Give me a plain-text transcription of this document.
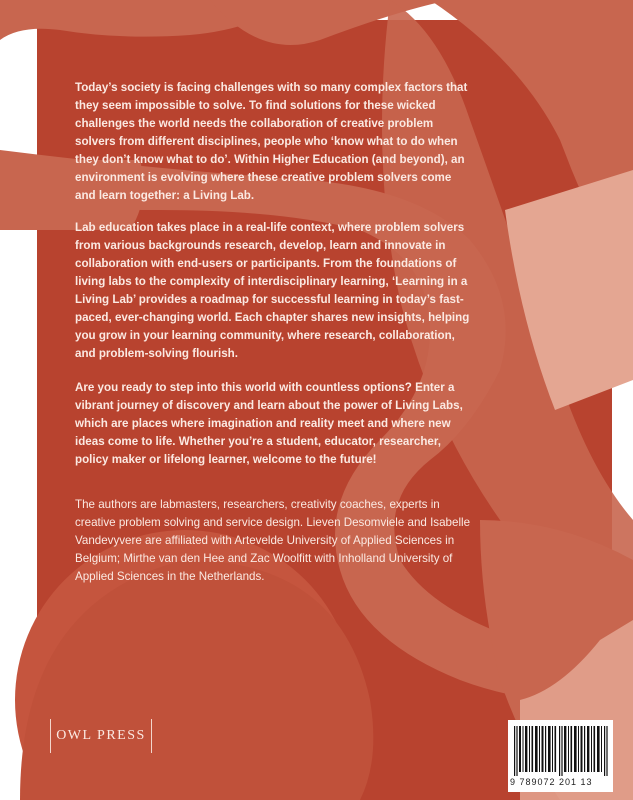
Today’s society is facing challenges with so many complex factors that they seem impossible to solve. To find solutions for these wicked challenges the world needs the collaboration of creative problem solvers from different disciplines, people who ‘know what to do when they don’t know what to do’. Within Higher Education (and beyond), an environment is evolving where these creative problem solvers come and learn together: a Living Lab.
Lab education takes place in a real-life context, where problem solvers from various backgrounds research, develop, learn and innovate in collaboration with end-users or participants. From the foundations of living labs to the complexity of interdisciplinary learning, ‘Learning in a Living Lab’ provides a roadmap for successful learning in today’s fast-paced, ever-changing world. Each chapter shares new insights, helping you grow in your learning community, where research, collaboration, and problem-solving flourish.
Are you ready to step into this world with countless options? Enter a vibrant journey of discovery and learn about the power of Living Labs, which are places where imagination and reality meet and where new ideas come to life. Whether you’re a student, educator, researcher, policy maker or lifelong learner, welcome to the future!
The authors are labmasters, researchers, creativity coaches, experts in creative problem solving and service design. Lieven Desomviele and Isabelle Vandevyvere are affiliated with Artevelde University of Applied Sciences in Belgium; Mirthe van den Hee and Zac Woolfitt with Inholland University of Applied Sciences in the Netherlands.
OWL PRESS
9 789072 201 13
